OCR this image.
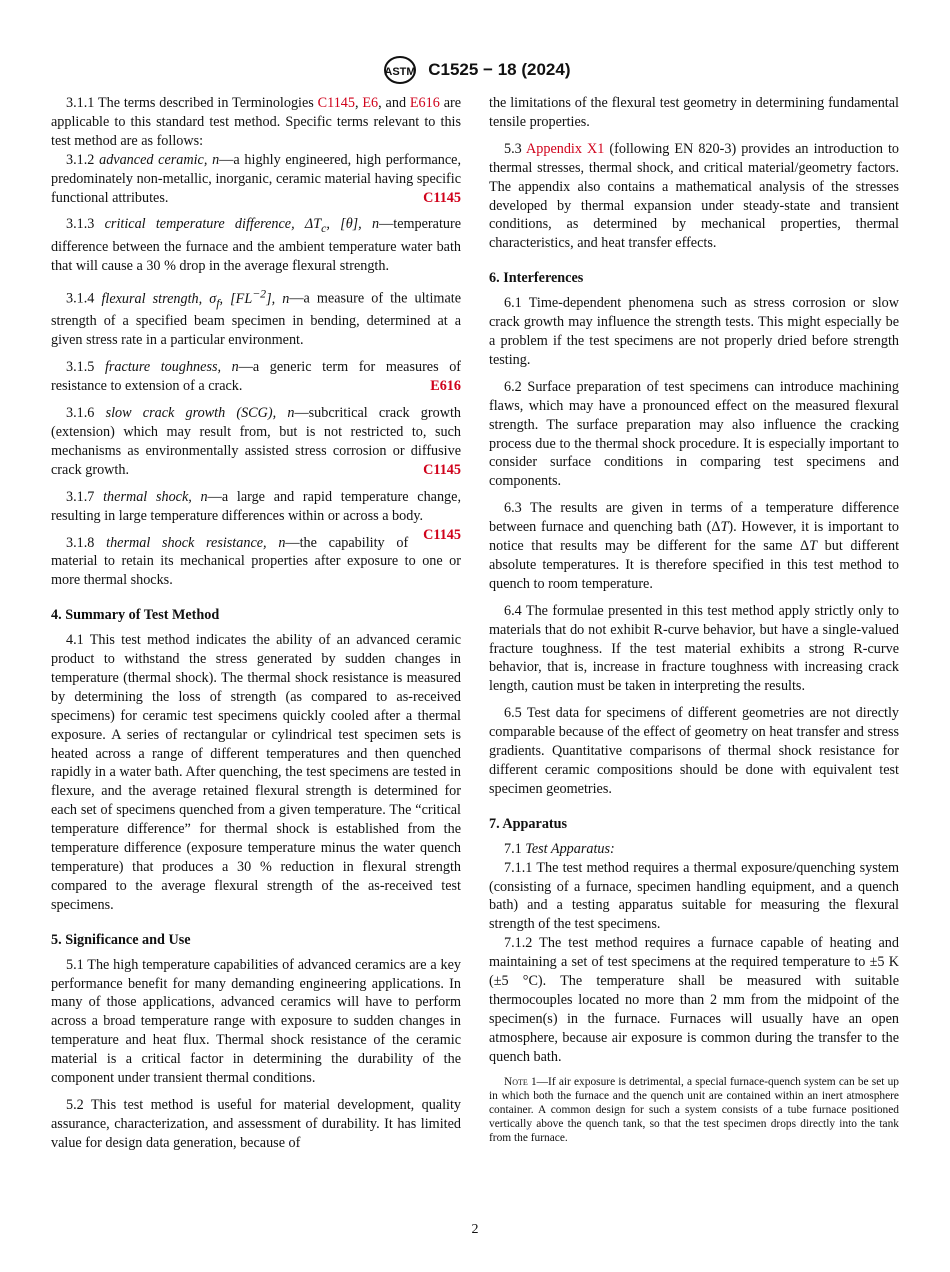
ASTM C1525 − 18 (2024)

3.1.1 The terms described in Terminologies C1145, E6, and E616 are applicable to this standard test method. Specific terms relevant to this test method are as follows:

3.1.2 advanced ceramic, n—a highly engineered, high performance, predominately non-metallic, inorganic, ceramic material having specific functional attributes.	C1145

3.1.3 critical temperature difference, $\Delta T_c$, [θ], n—temperature difference between the furnace and the ambient temperature water bath that will cause a 30 % drop in the average flexural strength.

3.1.4 flexural strength, $\sigma_f$, $[FL^{-2}]$, n—a measure of the ultimate strength of a specified beam specimen in bending, determined at a given stress rate in a particular environment.

3.1.5 fracture toughness, n—a generic term for measures of resistance to extension of a crack.	E616

3.1.6 slow crack growth (SCG), n—subcritical crack growth (extension) which may result from, but is not restricted to, such mechanisms as environmentally assisted stress corrosion or diffusive crack growth.	C1145

3.1.7 thermal shock, n—a large and rapid temperature change, resulting in large temperature differences within or across a body.
C1145

3.1.8 thermal shock resistance, n—the capability of material to retain its mechanical properties after exposure to one or more thermal shocks.

4. Summary of Test Method

4.1 This test method indicates the ability of an advanced ceramic product to withstand the stress generated by sudden changes in temperature (thermal shock). The thermal shock resistance is measured by determining the loss of strength (as compared to as-received specimens) for ceramic test specimens quickly cooled after a thermal exposure. A series of rectangular or cylindrical test specimen sets is heated across a range of different temperatures and then quenched rapidly in a water bath. After quenching, the test specimens are tested in flexure, and the average retained flexural strength is determined for each set of specimens quenched from a given temperature. The “critical temperature difference” for thermal shock is established from the temperature difference (exposure temperature minus the water quench temperature) that produces a 30 % reduction in flexural strength compared to the average flexural strength of the as-received test specimens.

5. Significance and Use

5.1 The high temperature capabilities of advanced ceramics are a key performance benefit for many demanding engineering applications. In many of those applications, advanced ceramics will have to perform across a broad temperature range with exposure to sudden changes in temperature and heat flux. Thermal shock resistance of the ceramic material is a critical factor in determining the durability of the component under transient thermal conditions.

5.2 This test method is useful for material development, quality assurance, characterization, and assessment of durability. It has limited value for design data generation, because of

the limitations of the flexural test geometry in determining fundamental tensile properties.

5.3 Appendix X1 (following EN 820-3) provides an introduction to thermal stresses, thermal shock, and critical material/geometry factors. The appendix also contains a mathematical analysis of the stresses developed by thermal expansion under steady-state and transient conditions, as determined by mechanical properties, thermal characteristics, and heat transfer effects.

6. Interferences

6.1 Time-dependent phenomena such as stress corrosion or slow crack growth may influence the strength tests. This might especially be a problem if the test specimens are not properly dried before strength testing.

6.2 Surface preparation of test specimens can introduce machining flaws, which may have a pronounced effect on the measured flexural strength. The surface preparation may also influence the cracking process due to the thermal shock procedure. It is especially important to consider surface conditions in comparing test specimens and components.

6.3 The results are given in terms of a temperature difference between furnace and quenching bath (ΔT). However, it is important to notice that results may be different for the same ΔT but different absolute temperatures. It is therefore specified in this test method to quench to room temperature.

6.4 The formulae presented in this test method apply strictly only to materials that do not exhibit R-curve behavior, but have a single-valued fracture toughness. If the test material exhibits a strong R-curve behavior, that is, increase in fracture toughness with increasing crack length, caution must be taken in interpreting the results.

6.5 Test data for specimens of different geometries are not directly comparable because of the effect of geometry on heat transfer and stress gradients. Quantitative comparisons of thermal shock resistance for different ceramic compositions should be done with equivalent test specimen geometries.

7. Apparatus

7.1 Test Apparatus:

7.1.1 The test method requires a thermal exposure/quenching system (consisting of a furnace, specimen handling equipment, and a quench bath) and a testing apparatus suitable for measuring the flexural strength of the test specimens.

7.1.2 The test method requires a furnace capable of heating and maintaining a set of test specimens at the required temperature to ±5 K (±5 °C). The temperature shall be measured with suitable thermocouples located no more than 2 mm from the midpoint of the specimen(s) in the furnace. Furnaces will usually have an open atmosphere, because air exposure is common during the transfer to the quench bath.

Note 1—If air exposure is detrimental, a special furnace-quench system can be set up in which both the furnace and the quench unit are contained within an inert atmosphere container. A common design for such a system consists of a tube furnace positioned vertically above the quench tank, so that the test specimen drops directly into the tank from the furnace.

2
